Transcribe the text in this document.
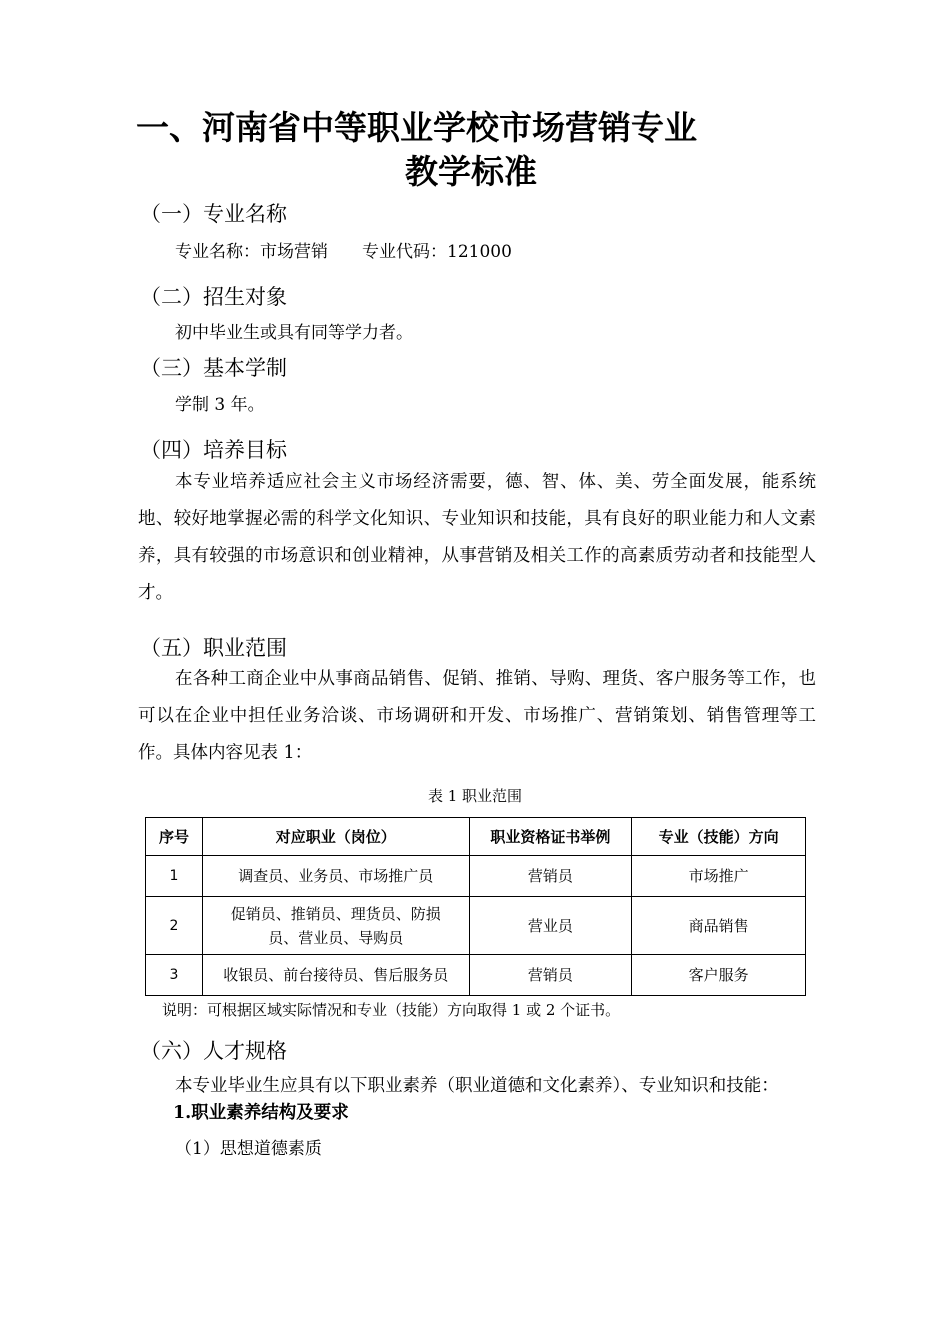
一、河南省中等职业学校市场营销专业
教学标准
（一）专业名称
专业名称：市场营销　　专业代码：121000
（二）招生对象
初中毕业生或具有同等学力者。
（三）基本学制
学制 3 年。
（四）培养目标
本专业培养适应社会主义市场经济需要，德、智、体、美、劳全面发展，能系统地、较好地掌握必需的科学文化知识、专业知识和技能，具有良好的职业能力和人文素养，具有较强的市场意识和创业精神，从事营销及相关工作的高素质劳动者和技能型人才。
（五）职业范围
在各种工商企业中从事商品销售、促销、推销、导购、理货、客户服务等工作，也可以在企业中担任业务洽谈、市场调研和开发、市场推广、营销策划、销售管理等工作。具体内容见表 1：
表 1 职业范围
序号	对应职业（岗位）	职业资格证书举例	专业（技能）方向
1	调查员、业务员、市场推广员	营销员	市场推广
2	促销员、推销员、理货员、防损员、营业员、导购员	营业员	商品销售
3	收银员、前台接待员、售后服务员	营销员	客户服务
说明：可根据区域实际情况和专业（技能）方向取得 1 或 2 个证书。
（六）人才规格
本专业毕业生应具有以下职业素养（职业道德和文化素养）、专业知识和技能：
1.职业素养结构及要求
（1）思想道德素质
